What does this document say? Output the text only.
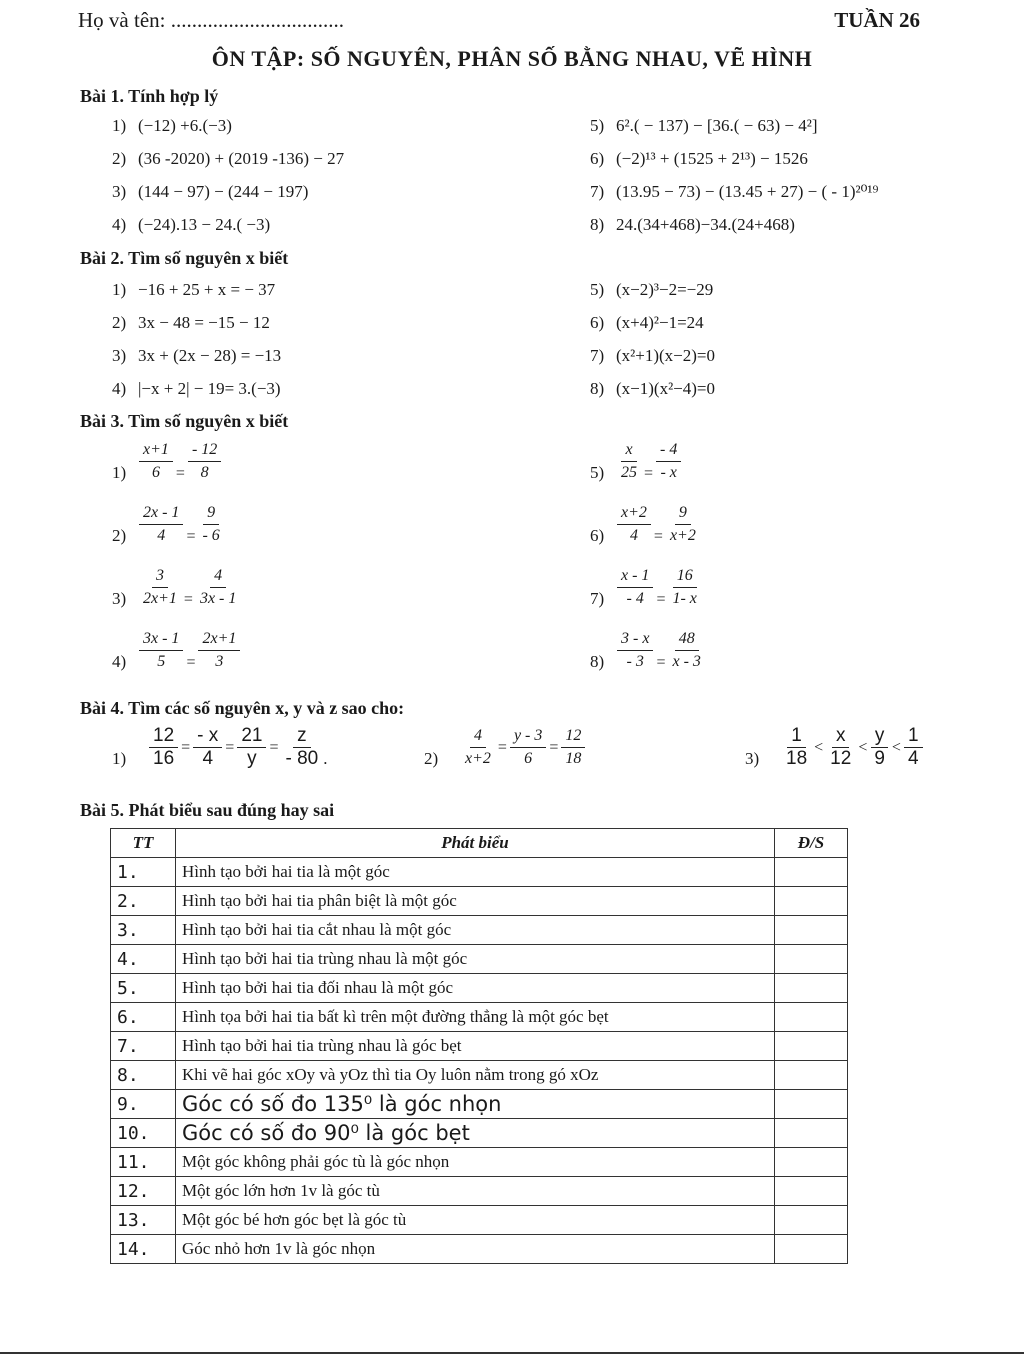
Họ và tên: .................................	TUẦN 26
ÔN TẬP: SỐ NGUYÊN, PHÂN SỐ BẰNG NHAU, VẼ HÌNH
Bài 1. Tính hợp lý
1) (−12) +6.(−3)
2) (36 -2020) + (2019 -136) − 27
3) (144 − 97) − (244 − 197)
4) (−24).13 − 24.( −3)
5) 6².( − 137) − [36.( − 63) − 4²]
6) (−2)¹³ + (1525 + 2¹³) − 1526
7) (13.95 − 73) − (13.45 + 27) − ( - 1)²⁰¹⁹
8) 24.(34+468)−34.(24+468)
Bài 2. Tìm số nguyên x biết
1) −16 + 25 + x = − 37
2) 3x − 48 = −15 − 12
3) 3x + (2x − 28) = −13
4) |−x + 2| − 19= 3.(−3)
5) (x−2)³−2=−29
6) (x+4)²−1=24
7) (x²+1)(x−2)=0
8) (x−1)(x²−4)=0
Bài 3. Tìm số nguyên x biết
$1) \frac{x+1}{6} = \frac{- 12}{8}$
$2) \frac{2x - 1}{4} = \frac{9}{- 6}$
$3) \frac{3}{2x+1} = \frac{4}{3x - 1}$
$4) \frac{3x - 1}{5} = \frac{2x+1}{3}$
$5) \frac{x}{25} = \frac{- 4}{- x}$
$6) \frac{x+2}{4} = \frac{9}{x+2}$
$7) \frac{x - 1}{- 4} = \frac{16}{1- x}$
$8) \frac{3 - x}{- 3} = \frac{48}{x - 3}$
Bài 4. Tìm các số nguyên x, y và z sao cho:
1)	$\frac{12}{16} = \frac{- x}{4} = \frac{21}{y} = \frac{z}{- 80}$ .	2)	$\frac{4}{x+2} = \frac{y - 3}{6} = \frac{12}{18}$	3)	$\frac{1}{18} < \frac{x}{12} < \frac{y}{9} < \frac{1}{4}$
Bài 5. Phát biểu sau đúng hay sai
TT	Phát biểu	Đ/S
1.	Hình tạo bởi hai tia là một góc	
2.	Hình tạo bởi hai tia phân biệt là một góc	
3.	Hình tạo bởi hai tia cắt nhau là một góc	
4.	Hình tạo bởi hai tia trùng nhau là một góc	
5.	Hình tạo bởi hai tia đối nhau là một góc	
6.	Hình tọa bởi hai tia bất kì trên một đường thẳng là một góc bẹt	
7.	Hình tạo bởi hai tia trùng nhau là góc bẹt	
8.	Khi vẽ hai góc xOy và yOz thì tia Oy luôn nằm trong gó xOz	
9.	Góc có số đo 135⁰ là góc nhọn	
10.	Góc có số đo 90⁰ là góc bẹt	
11.	Một góc không phải góc tù là góc nhọn	
12.	Một góc lớn hơn 1v là góc tù	
13.	Một góc bé hơn góc bẹt là góc tù	
14.	Góc nhỏ hơn 1v là góc nhọn	
